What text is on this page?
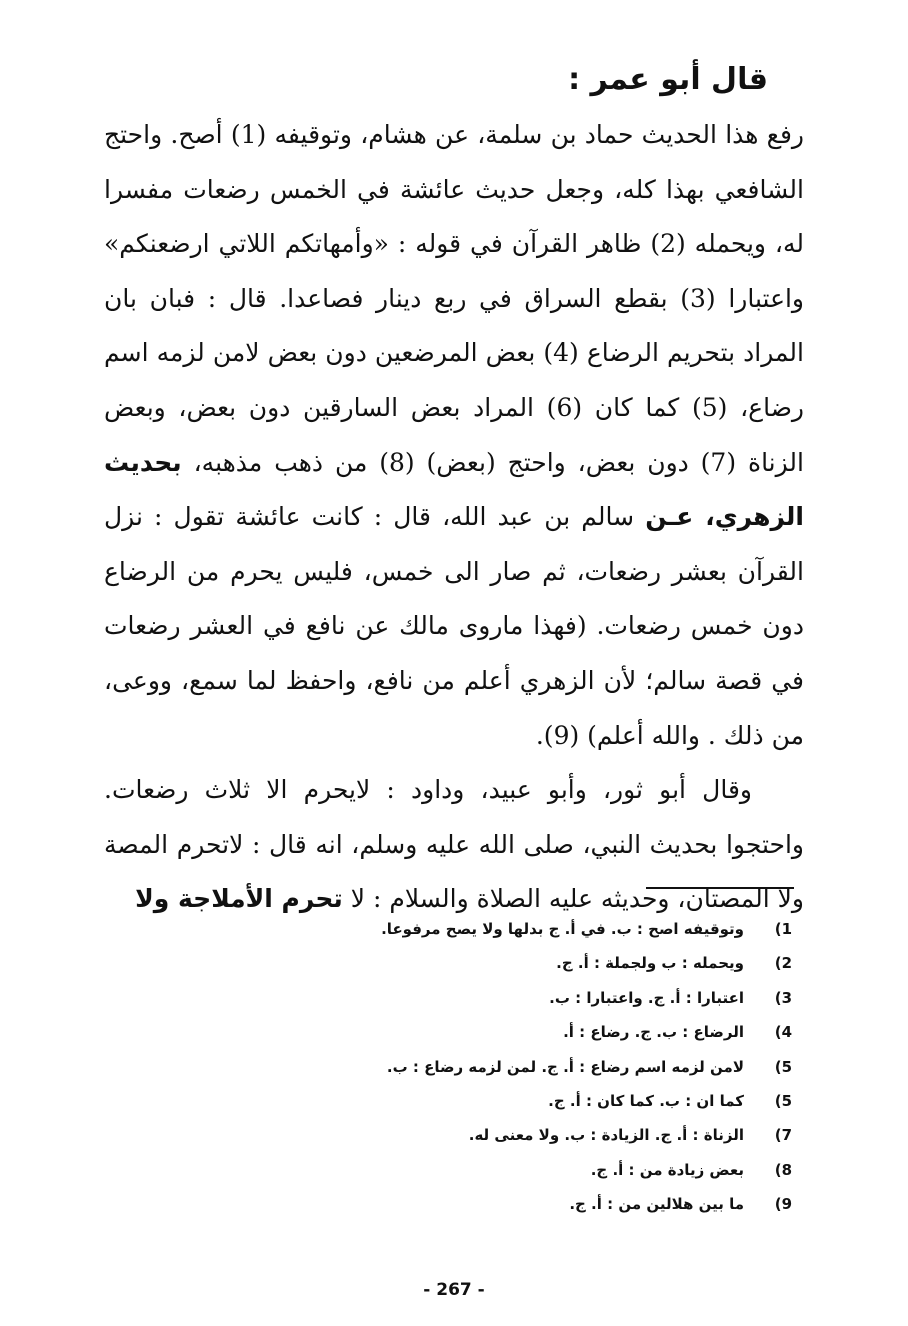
قال أبو عمر :

رفع هذا الحديث حماد بن سلمة، عن هشام، وتوقيفه (1) أصح. واحتج الشافعي بهذا كله، وجعل حديث عائشة في الخمس رضعات مفسرا له، ويحمله (2) ظاهر القرآن في قوله : «وأمهاتكم اللاتي ارضعنكم» واعتبارا (3) بقطع السراق في ربع دينار فصاعدا. قال : فبان بان المراد بتحريم الرضاع (4) بعض المرضعين دون بعض لامن لزمه اسم رضاع، (5) كما كان (6) المراد بعض السارقين دون بعض، وبعض الزناة (7) دون بعض، واحتج (بعض) (8) من ذهب مذهبه، بحديث الزهري، عـن سالم بن عبد الله، قال : كانت عائشة تقول : نزل القرآن بعشر رضعات، ثم صار الى خمس، فليس يحرم من الرضاع دون خمس رضعات. (فهذا ماروى مالك عن نافع في العشر رضعات في قصة سالم؛ لأن الزهري أعلم من نافع، واحفظ لما سمع، ووعى، من ذلك . والله أعلم) (9).

وقال أبو ثور، وأبو عبيد، وداود : لايحرم الا ثلاث رضعات. واحتجوا بحديث النبي، صلى الله عليه وسلم، انه قال : لاتحرم المصة ولا المصتان، وحديثه عليه الصلاة والسلام : لا تحرم الأملاجة ولا

1)
وتوقيفه اصح : ب. في أ. ج بدلها ولا يصح مرفوعا.
2)
ويحمله : ب ولجملة : أ. ج.
3)
اعتبارا : أ. ج. واعتبارا : ب.
4)
الرضاع : ب. ج. رضاع : أ.
5)
لامن لزمه اسم رضاع : أ. ج. لمن لزمه رضاع : ب.
5)
كما ان : ب. كما كان : أ. ج.
7)
الزناة : أ. ج. الزيادة : ب. ولا معنى له.
8)
بعض زيادة من : أ. ج.
9)
ما بين هلالين من : أ. ج.
- 267 -
